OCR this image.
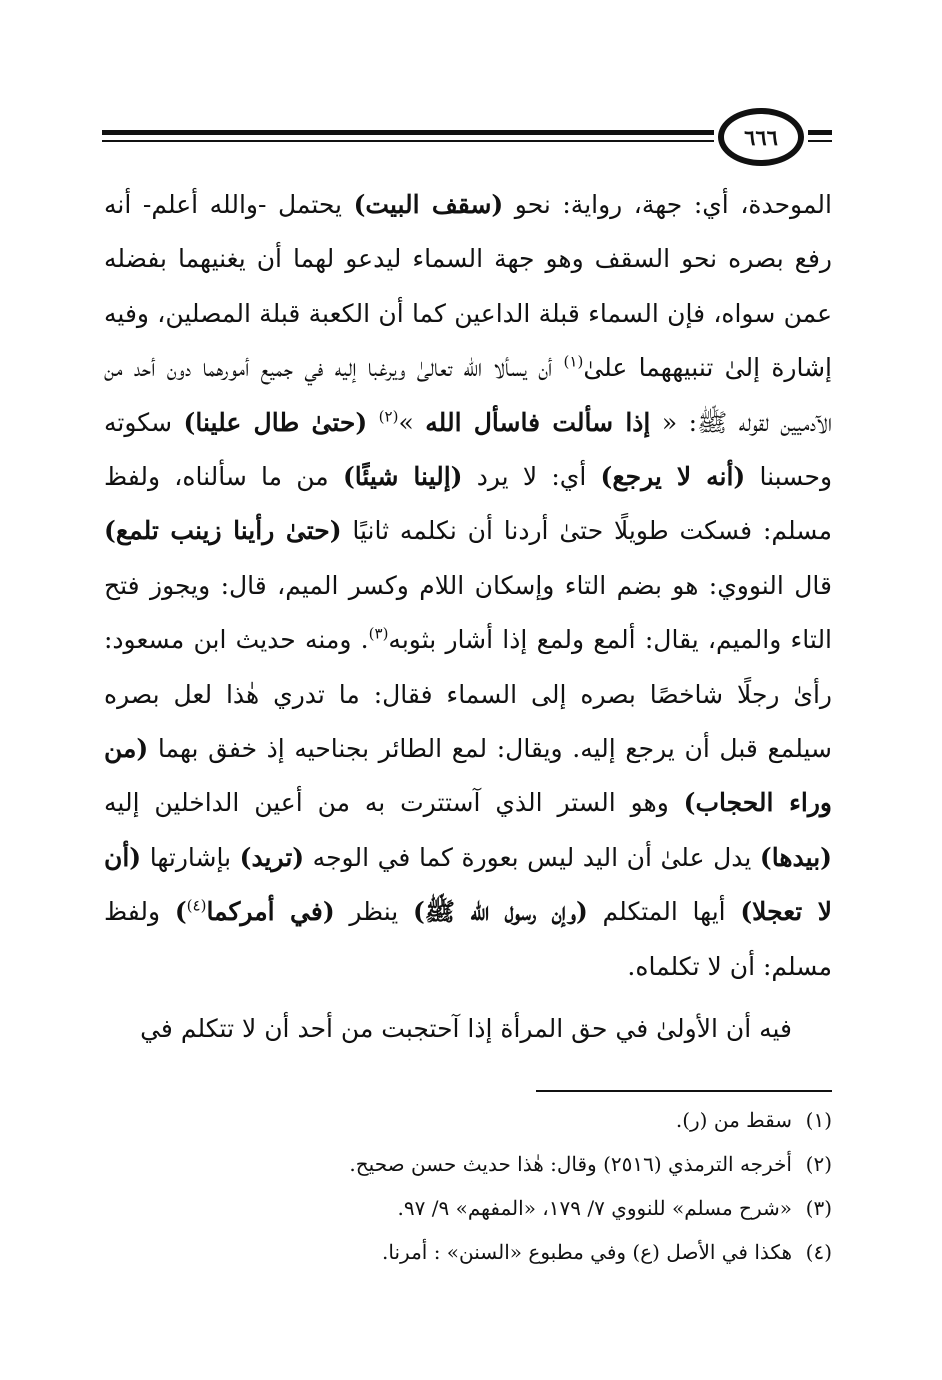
٦٦٦

الموحدة، أي: جهة، رواية: نحو (سقف البيت) يحتمل -والله أعلم- أنه رفع بصره نحو السقف وهو جهة السماء ليدعو لهما أن يغنيهما بفضله عمن سواه، فإن السماء قبلة الداعين كما أن الكعبة قبلة المصلين، وفيه إشارة إلىٰ تنبيههما علىٰ$^{(١)}$ أن يسألا الله تعالىٰ ويرغبا إليه في جميع أمورهما دون أحد من الآدميين لقوله ﷺ: « إذا سألت فاسأل الله »$^{(٢)}$ (حتىٰ طال علينا) سكوته وحسبنا (أنه لا يرجع) أي: لا يرد (إلينا شيئًا) من ما سألناه، ولفظ مسلم: فسكت طويلًا حتىٰ أردنا أن نكلمه ثانيًا (حتىٰ رأينا زينب تلمع) قال النووي: هو بضم التاء وإسكان اللام وكسر الميم، قال: ويجوز فتح التاء والميم، يقال: ألمع ولمع إذا أشار بثوبه$^{(٣)}$. ومنه حديث ابن مسعود: رأىٰ رجلًا شاخصًا بصره إلى السماء فقال: ما تدري هٰذا لعل بصره سيلمع قبل أن يرجع إليه. ويقال: لمع الطائر بجناحيه إذ خفق بهما (من وراء الحجاب) وهو الستر الذي آستترت به من أعين الداخلين إليه (بيدها) يدل علىٰ أن اليد ليس بعورة كما في الوجه (تريد) بإشارتها (أن لا تعجلا) أيها المتكلم (وإن رسول الله ﷺ) ينظر (في أمركما$^{(٤)}$) ولفظ مسلم: أن لا تكلماه.

فيه أن الأولىٰ في حق المرأة إذا آحتجبت من أحد أن لا تتكلم في

(١)سقط من (ر).
(٢)أخرجه الترمذي (٢٥١٦) وقال: هٰذا حديث حسن صحيح.
(٣)«شرح مسلم» للنووي ٧/ ١٧٩، «المفهم» ٩/ ٩٧.
(٤)هكذا في الأصل (ع) وفي مطبوع «السنن» : أمرنا.
